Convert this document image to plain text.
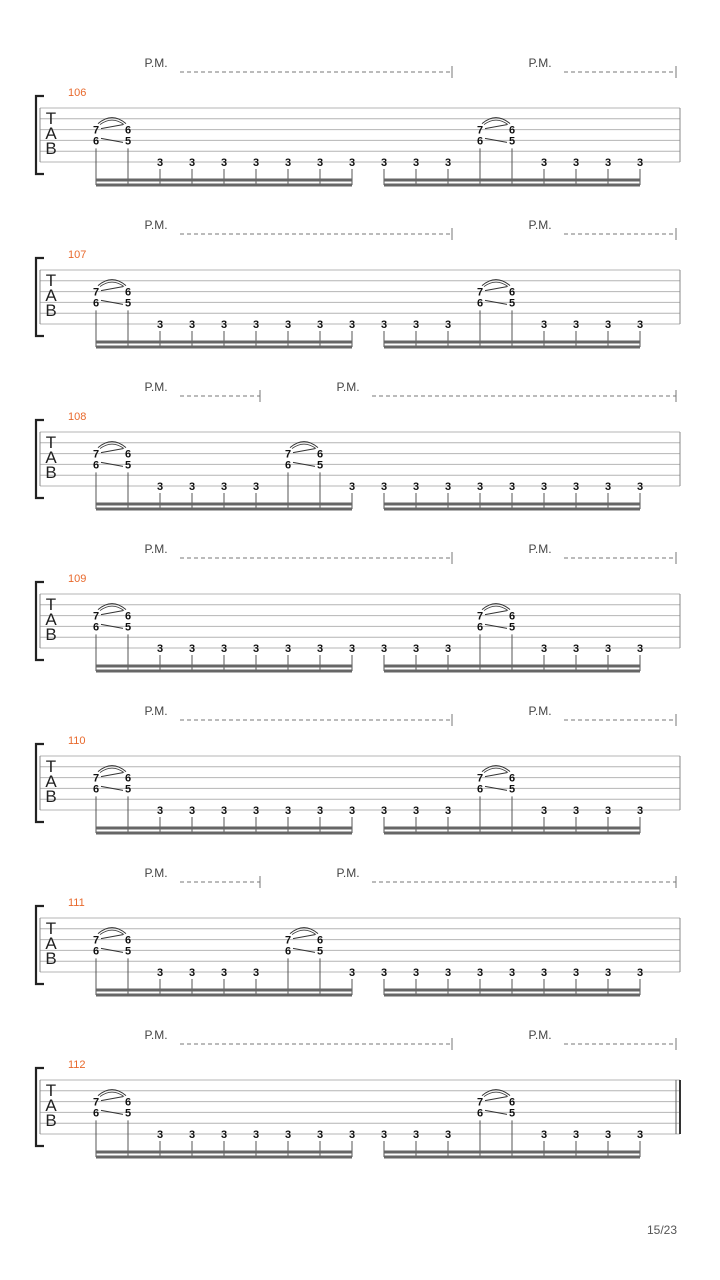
T
A
B
106
P.M.	P.M.
6
7 6
5
3 3 3 3 3 3 3 3 3 3
6
7 6
5
3 3 3 3
T
A
B
107
P.M.	P.M.
6
7 6
5
3 3 3 3 3 3 3 3 3 3
6
7 6
5
3 3 3 3
T
A
B
108
P.M.	P.M.
6
7 6
5
3 3 3 3
6
7 6
5
3 3 3 3 3 3 3 3 3 3
T
A
B
109
P.M.	P.M.
6
7 6
5
3 3 3 3 3 3 3 3 3 3
6
7 6
5
3 3 3 3
T
A
B
110
P.M.	P.M.
6
7 6
5
3 3 3 3 3 3 3 3 3 3
6
7 6
5
3 3 3 3
T
A
B
111
P.M.	P.M.
6
7 6
5
3 3 3 3
6
7 6
5
3 3 3 3 3 3 3 3 3 3
T
A
B
112
P.M.	P.M.
6
7 6
5
3 3 3 3 3 3 3 3 3 3
6
7 6
5
3 3 3 3
15/23
